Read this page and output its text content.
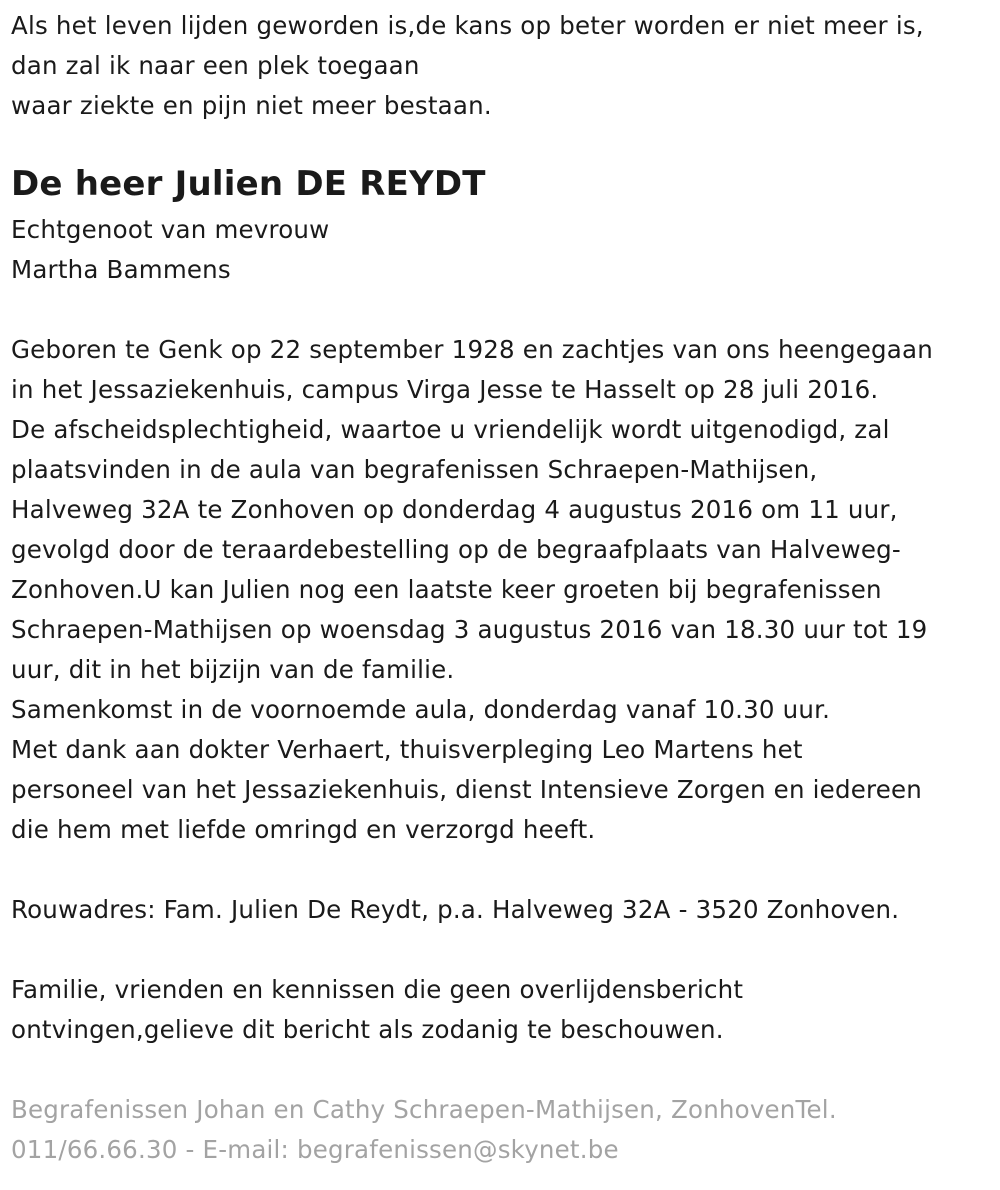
Als het leven lijden geworden is,de kans op beter worden er niet meer is,
dan zal ik naar een plek toegaan
waar ziekte en pijn niet meer bestaan.
De heer Julien DE REYDT
Echtgenoot van mevrouw
Martha Bammens
Geboren te Genk op 22 september 1928 en zachtjes van ons heengegaan
in het Jessaziekenhuis, campus Virga Jesse te Hasselt op 28 juli 2016.
De afscheidsplechtigheid, waartoe u vriendelijk wordt uitgenodigd, zal
plaatsvinden in de aula van begrafenissen Schraepen-Mathijsen,
Halveweg 32A te Zonhoven op donderdag 4 augustus 2016 om 11 uur,
gevolgd door de teraardebestelling op de begraafplaats van Halveweg-
Zonhoven.U kan Julien nog een laatste keer groeten bij begrafenissen
Schraepen-Mathijsen op woensdag 3 augustus 2016 van 18.30 uur tot 19
uur, dit in het bijzijn van de familie.
Samenkomst in de voornoemde aula, donderdag vanaf 10.30 uur.
Met dank aan dokter Verhaert, thuisverpleging Leo Martens het
personeel van het Jessaziekenhuis, dienst Intensieve Zorgen en iedereen
die hem met liefde omringd en verzorgd heeft.
Rouwadres: Fam. Julien De Reydt, p.a. Halveweg 32A - 3520 Zonhoven.
Familie, vrienden en kennissen die geen overlijdensbericht
ontvingen,gelieve dit bericht als zodanig te beschouwen.
Begrafenissen Johan en Cathy Schraepen-Mathijsen, ZonhovenTel.
011/66.66.30 - E-mail: begrafenissen@skynet.be
